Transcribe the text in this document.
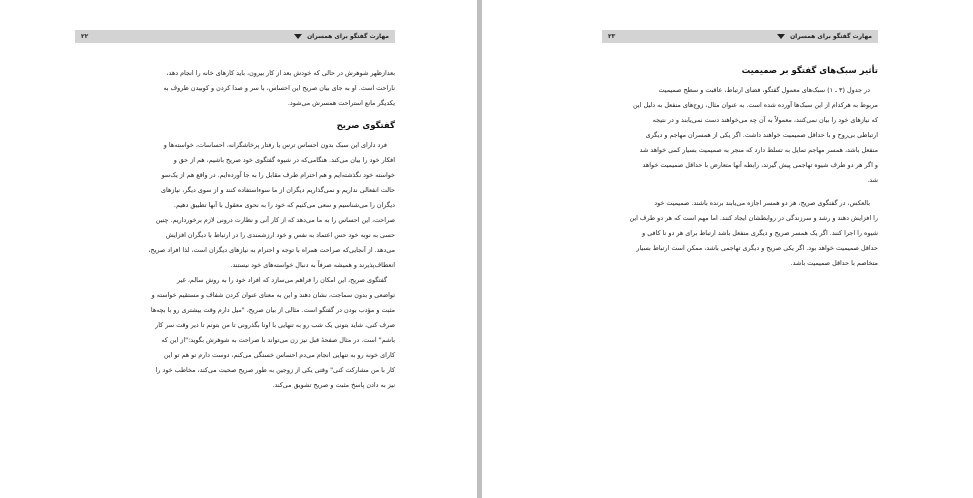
مهارت گفتگو برای همسران
۲۲

بعدازظهر شوهرش در حالی که خودش بعد از کار بیرون، باید کارهای خانه را انجام دهد،

ناراحت است. او به جای بیان صریح این احساس، با سر و صدا کردن و کوبیدن ظروف به

یکدیگر مانع استراحت همسرش می‌شود.

گفتگوی صریح

فرد دارای این سبک بدون احساس ترس یا رفتار پرخاشگرانه، احساسات، خواسته‌ها و

افکار خود را بیان می‌کند. هنگامی‌که در شیوه گفتگوی خود صریح باشیم، هم از حق و

خواسته خود نگذشته‌ایم و هم احترام طرف مقابل را به جا آورده‌ایم. در واقع هم از یک‌سو

حالت انفعالی نداریم و نمی‌گذاریم دیگران از ما سوءاستفاده کنند و از سوی دیگر، نیازهای

دیگران را می‌شناسیم و سعی می‌کنیم که خود را به نحوی معقول با آنها تطبیق دهیم.

صراحت، این احساس را به ما می‌دهد که از کار آنی و نظارت درونی لازم برخورداریم. چنین

حسی به نوبه خود حس اعتماد به نفس و خود ارزشمندی را در ارتباط با دیگران افزایش

می‌دهد. از آنجایی‌که صراحت همراه با توجه و احترام به نیازهای دیگران است، لذا افراد صریح،

انعطاف‌پذیرند و همیشه صرفاً به دنبال خواسته‌های خود نیستند.

گفتگوی صریح، این امکان را فراهم می‌سازد که افراد خود را به روش سالم، غیر

تواضعی و بدون سماجت، نشان دهند و این به معنای عنوان کردن شفاف و مستقیم خواسته و

مثبت و مؤدب بودن در گفتگو است. مثالی از بیان صریح، "میل دارم وقت بیشتری رو با بچه‌ها

صرف کنی، شاید بتونی یک شب رو به تنهایی با اونا بگذرونی تا من بتونم تا دیر وقت سر کار

باشم" است. در مثال صفحهٔ قبل نیز زن می‌تواند با صراحت به شوهرش بگوید:"از این که

کارای خونه رو به تنهایی انجام می‌دم احساس خستگی می‌کنم، دوست دارم تو هم تو این

کار با من مشارکت کنی" وقتی یکی از زوجین به طور صریح صحبت می‌کند، مخاطب خود را

نیز به دادن پاسخ مثبت و صریح تشویق می‌کند.

مهارت گفتگو برای همسران
۲۳
تأثیر سبک‌های گفتگو بر صمیمیت

در جدول (۳ ـ ۱) سبک‌های معمول گفتگو، فضای ارتباط، عاقبت و سطح صمیمیت

مربوط به هرکدام از این سبک‌ها آورده شده است. به عنوان مثال، زوج‌های منفعل به دلیل این

که نیازهای خود را بیان نمی‌کنند، معمولاً به آن چه می‌خواهند دست نمی‌یابند و در نتیجه

ارتباطی بی‌روح و با حداقل صمیمیت خواهند داشت. اگر یکی از همسران مهاجم و دیگری

منفعل باشد، همسر مهاجم تمایل به تسلط دارد که منجر به صمیمیت بسیار کمی خواهد شد

و اگر هر دو طرف شیوه تهاجمی پیش گیرند، رابطه آنها متعارض با حداقل صمیمیت خواهد

شد.

بالعکس، در گفتگوی صریح، هر دو همسر اجازه می‌یابند برنده باشند. صمیمیت خود

را افزایش دهند و رشد و سرزندگی در روابطشان ایجاد کنند. اما مهم است که هر دو طرف این

شیوه را اجرا کنند. اگر یک همسر صریح و دیگری منفعل باشد ارتباط برای هر دو نا کافی و

حداقل صمیمیت خواهد بود. اگر یکی صریح و دیگری تهاجمی باشد، ممکن است ارتباط بسیار

متخاصم با حداقل صمیمیت باشد.
